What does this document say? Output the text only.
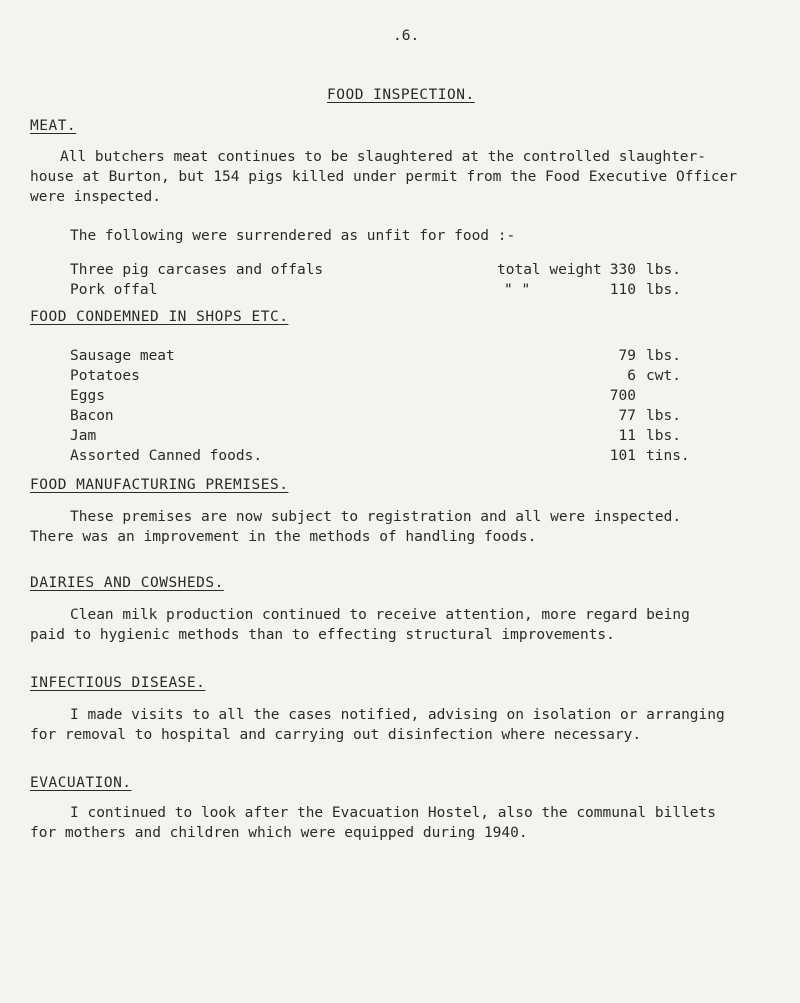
.6.
FOOD INSPECTION.
MEAT.
All butchers meat continues to be slaughtered at the controlled slaughter-
house at Burton, but 154 pigs killed under permit from the Food Executive Officer
were inspected.
The following were surrendered as unfit for food :-
Three pig carcases and offals	total weight 330 lbs.
Pork offal	" "	110 lbs.
FOOD CONDEMNED IN SHOPS ETC.
Sausage meat	79 lbs.
Potatoes	6 cwt.
Eggs	700
Bacon	77 lbs.
Jam	11 lbs.
Assorted Canned foods.	101 tins.
FOOD MANUFACTURING PREMISES.
These premises are now subject to registration and all were inspected.
There was an improvement in the methods of handling foods.
DAIRIES AND COWSHEDS.
Clean milk production continued to receive attention, more regard being
paid to hygienic methods than to effecting structural improvements.
INFECTIOUS DISEASE.
I made visits to all the cases notified, advising on isolation or arranging
for removal to hospital and carrying out disinfection where necessary.
EVACUATION.
I continued to look after the Evacuation Hostel, also the communal billets
for mothers and children which were equipped during 1940.
